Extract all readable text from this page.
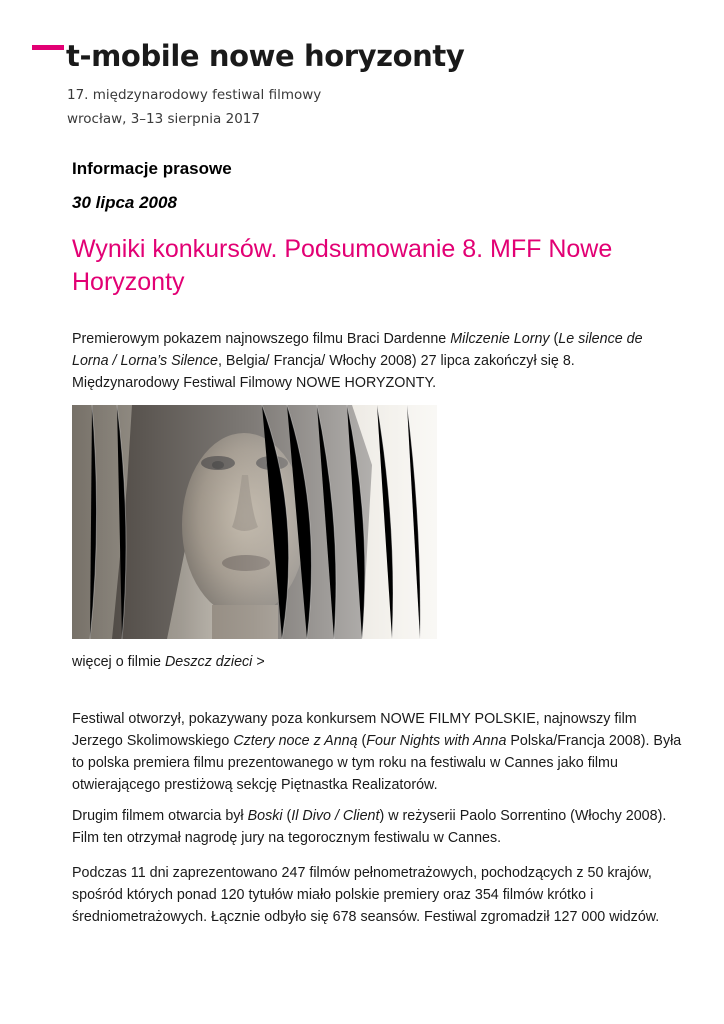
t-mobile nowe horyzonty
17. międzynarodowy festiwal filmowy
wrocław, 3–13 sierpnia 2017
Informacje prasowe
30 lipca 2008
Wyniki konkursów. Podsumowanie 8. MFF Nowe Horyzonty

Premierowym pokazem najnowszego filmu Braci Dardenne Milczenie Lorny (Le silence de Lorna / Lorna’s Silence, Belgia/ Francja/ Włochy 2008) 27 lipca zakończył się 8. Międzynarodowy Festiwal Filmowy NOWE HORYZONTY.

więcej o filmie Deszcz dzieci >

Festiwal otworzył, pokazywany poza konkursem NOWE FILMY POLSKIE, najnowszy film Jerzego Skolimowskiego Cztery noce z Anną (Four Nights with Anna Polska/Francja 2008). Była to polska premiera filmu prezentowanego w tym roku na festiwalu w Cannes jako filmu otwierającego prestiżową sekcję Piętnastka Realizatorów.

Drugim filmem otwarcia był Boski (Il Divo / Client) w reżyserii Paolo Sorrentino (Włochy 2008). Film ten otrzymał nagrodę jury na tegorocznym festiwalu w Cannes.

Podczas 11 dni zaprezentowano 247 filmów pełnometrażowych, pochodzących z 50 krajów, spośród których ponad 120 tytułów miało polskie premiery oraz 354 filmów krótko i średniometrażowych. Łącznie odbyło się 678 seansów. Festiwal zgromadził 127 000 widzów.
